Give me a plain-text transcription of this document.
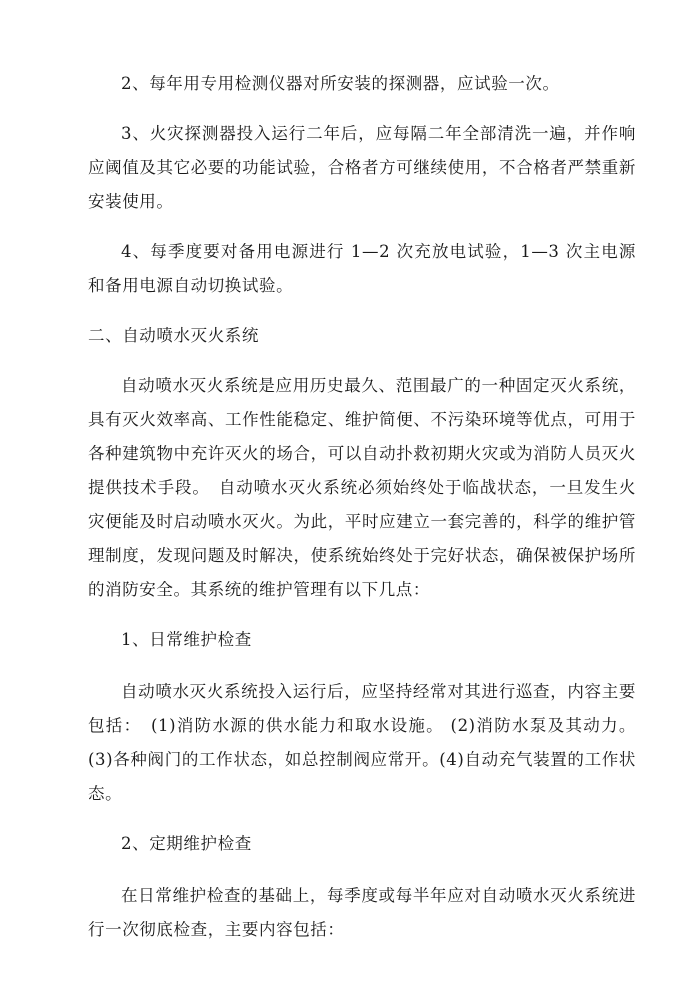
2、每年用专用检测仪器对所安装的探测器，应试验一次。

3、火灾探测器投入运行二年后，应每隔二年全部清洗一遍，并作响应阈值及其它必要的功能试验，合格者方可继续使用，不合格者严禁重新安装使用。

4、每季度要对备用电源进行 1—2 次充放电试验，1—3 次主电源和备用电源自动切换试验。

二、自动喷水灭火系统

自动喷水灭火系统是应用历史最久、范围最广的一种固定灭火系统，具有灭火效率高、工作性能稳定、维护简便、不污染环境等优点，可用于各种建筑物中充许灭火的场合，可以自动扑救初期火灾或为消防人员灭火提供技术手段。　自动喷水灭火系统必须始终处于临战状态，一旦发生火灾便能及时启动喷水灭火。为此，平时应建立一套完善的，科学的维护管理制度，发现问题及时解决，使系统始终处于完好状态，确保被保护场所的消防安全。其系统的维护管理有以下几点：

1、日常维护检查

自动喷水灭火系统投入运行后，应坚持经常对其进行巡查，内容主要包括：　(1)消防水源的供水能力和取水设施。 (2)消防水泵及其动力。(3)各种阀门的工作状态，如总控制阀应常开。(4)自动充气装置的工作状态。

2、定期维护检查

在日常维护检查的基础上，每季度或每半年应对自动喷水灭火系统进行一次彻底检查，主要内容包括：
